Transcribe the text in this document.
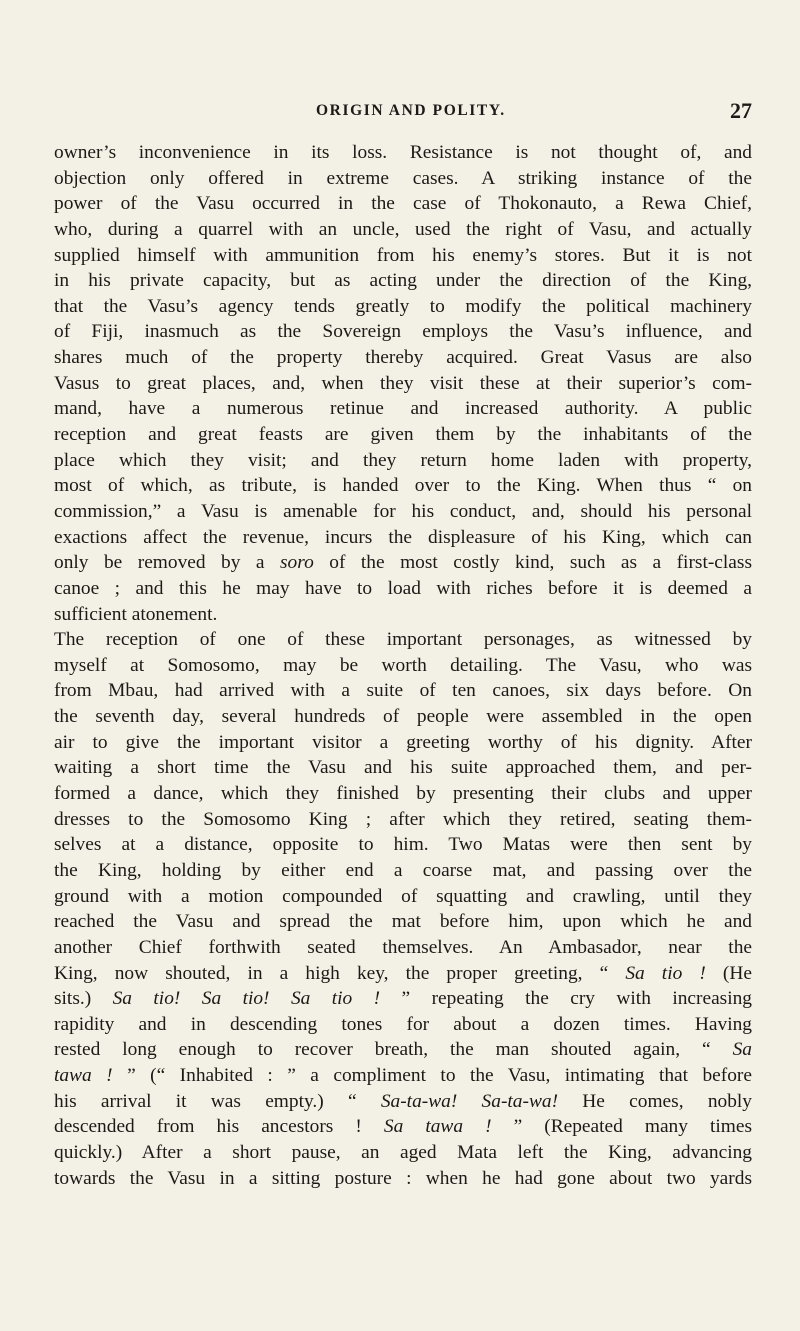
ORIGIN AND POLITY.	27
owner’s inconvenience in its loss. Resistance is not thought of, and
objection only offered in extreme cases. A striking instance of the
power of the Vasu occurred in the case of Thokonauto, a Rewa Chief,
who, during a quarrel with an uncle, used the right of Vasu, and actually
supplied himself with ammunition from his enemy’s stores. But it is not
in his private capacity, but as acting under the direction of the King,
that the Vasu’s agency tends greatly to modify the political machinery
of Fiji, inasmuch as the Sovereign employs the Vasu’s influence, and
shares much of the property thereby acquired. Great Vasus are also
Vasus to great places, and, when they visit these at their superior’s com-
mand, have a numerous retinue and increased authority. A public
reception and great feasts are given them by the inhabitants of the
place which they visit; and they return home laden with property,
most of which, as tribute, is handed over to the King. When thus “ on
commission,” a Vasu is amenable for his conduct, and, should his personal
exactions affect the revenue, incurs the displeasure of his King, which can
only be removed by a soro of the most costly kind, such as a first-class
canoe ; and this he may have to load with riches before it is deemed a
sufficient atonement.
The reception of one of these important personages, as witnessed by
myself at Somosomo, may be worth detailing. The Vasu, who was
from Mbau, had arrived with a suite of ten canoes, six days before. On
the seventh day, several hundreds of people were assembled in the open
air to give the important visitor a greeting worthy of his dignity. After
waiting a short time the Vasu and his suite approached them, and per-
formed a dance, which they finished by presenting their clubs and upper
dresses to the Somosomo King ; after which they retired, seating them-
selves at a distance, opposite to him. Two Matas were then sent by
the King, holding by either end a coarse mat, and passing over the
ground with a motion compounded of squatting and crawling, until they
reached the Vasu and spread the mat before him, upon which he and
another Chief forthwith seated themselves. An Ambasador, near the
King, now shouted, in a high key, the proper greeting, “ Sa tio ! (He
sits.) Sa tio! Sa tio! Sa tio ! ” repeating the cry with increasing
rapidity and in descending tones for about a dozen times. Having
rested long enough to recover breath, the man shouted again, “ Sa
tawa ! ” (“ Inhabited : ” a compliment to the Vasu, intimating that before
his arrival it was empty.) “ Sa-ta-wa! Sa-ta-wa! He comes, nobly
descended from his ancestors ! Sa tawa ! ” (Repeated many times
quickly.) After a short pause, an aged Mata left the King, advancing
towards the Vasu in a sitting posture : when he had gone about two yards
